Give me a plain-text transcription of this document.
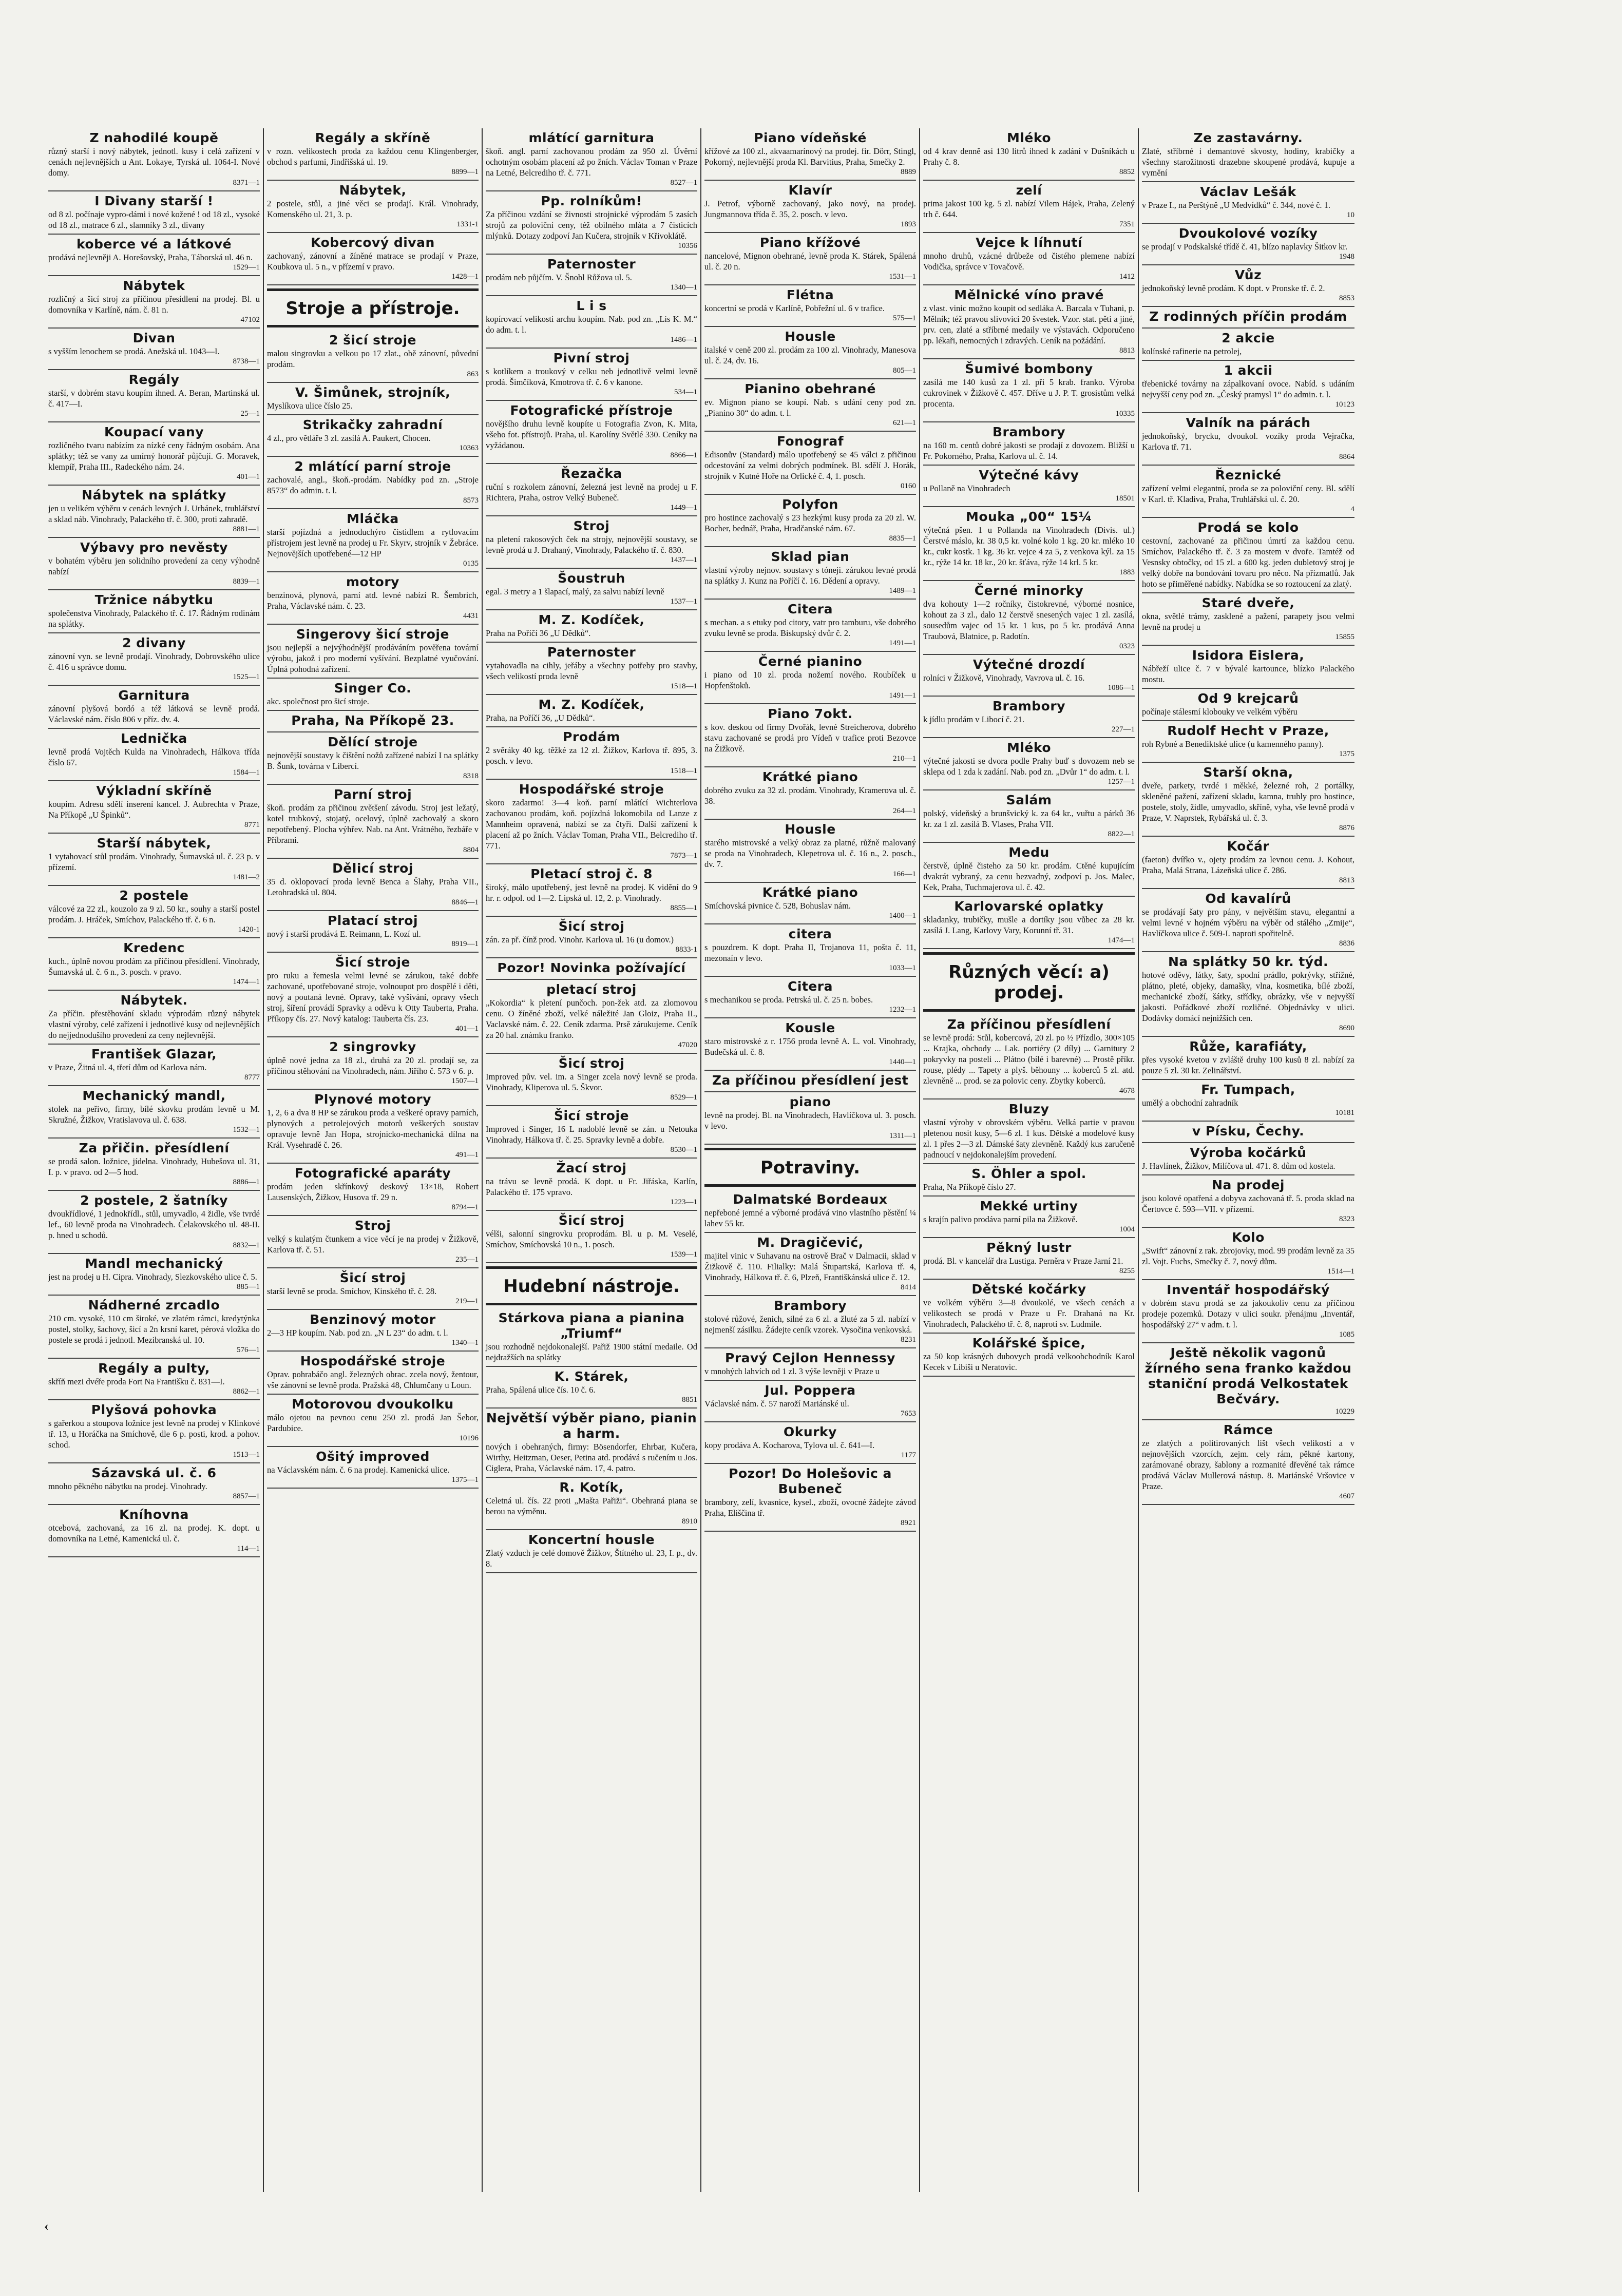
Z nahodilé koupě
různý starší i nový nábytek, jednotl. kusy i celá zařízení v cenách nejlevnějších u Ant. Lokaye, Tyrská ul. 1064-I. Nové domy.
8371—1
I Divany starší !
od 8 zl. počínaje vypro-dámi i nové kožené ! od 18 zl., vysoké od 18 zl., matrace 6 zl., slamníky 3 zl., divany
koberce vé a látkové
prodává nejlevněji A. Horešovský, Praha, Táborská ul. 46 n.
1529—1
Nábytek
rozličný a šicí stroj za příčinou přesídlení na prodej. Bl. u domovníka v Karlíně, nám. č. 81 n.
47102
Divan
s vyšším lenochem se prodá. Anežská ul. 1043—I.
8738—1
Regály
starší, v dobrém stavu koupím ihned. A. Beran, Martinská ul. č. 417—I.
25—1
Koupací vany
rozličného tvaru nabízím za nízké ceny řádným osobám. Ana splátky; též se vany za umírný honorář půjčují. G. Moravek, klempíř, Praha III., Radeckého nám. 24.
401—1
Nábytek na splátky
jen u velikém výběru v cenách levných J. Urbánek, truhlářství a sklad náb. Vinohrady, Palackého tř. č. 300, proti zahradě.
8881—1
Výbavy pro nevěsty
v bohatém výběru jen solidního provedení za ceny výhodně nabízí
8839—1
Tržnice nábytku
společenstva Vinohrady, Palackého tř. č. 17. Řádným rodinám na splátky.
2 divany
zánovní vyn. se levně prodají. Vinohrady, Dobrovského ulice č. 416 u správce domu.
1525—1
Garnitura
zánovní plyšová bordó a též látková se levně prodá. Václavské nám. číslo 806 v příz. dv. 4.
Lednička
levně prodá Vojtěch Kulda na Vinohradech, Hálkova třída číslo 67.
1584—1
Výkladní skříně
koupím. Adresu sdělí inserení kancel. J. Aubrechta v Praze, Na Příkopě „U Špinků“.
8771
Starší nábytek,
1 vytahovací stůl prodám. Vinohrady, Šumavská ul. č. 23 p. v přízemí.
1481—2
2 postele
válcové za 22 zl., kouzolo za 9 zl. 50 kr., souhy a starší postel prodám. J. Hráček, Smíchov, Palackého tř. č. 6 n.
1420-1
Kredenc
kuch., úplně novou prodám za příčinou přesídlení. Vinohrady, Šumavská ul. č. 6 n., 3. posch. v pravo.
1474—1
Nábytek.
Za příčin. přestěhování skladu výprodám různý nábytek vlastní výroby, celé zařízení i jednotlivé kusy od nejlevnějších do nejjednodušího provedení za ceny nejlevnější.
František Glazar,
v Praze, Žitná ul. 4, třetí dům od Karlova nám.
8777
Mechanický mandl,
stolek na peřivo, firmy, bílé skovku prodám levně u M. Skružné, Žižkov, Vratislavova ul. č. 638.
1532—1
Za přičin. přesídlení
se prodá salon. ložnice, jídelna. Vinohrady, Hubešova ul. 31, I. p. v pravo. od 2—5 hod.
8886—1
2 postele, 2 šatníky
dvoukřídlové, 1 jednokřídl., stůl, umyvadlo, 4 židle, vše tvrdé lef., 60 levně proda na Vinohradech. Čelakovského ul. 48-II. p. hned u schodů.
8832—1
Mandl mechanický
jest na prodej u H. Cipra. Vinohrady, Slezkovského ulice č. 5.
885—1
Nádherné zrcadlo
210 cm. vysoké, 110 cm široké, ve zlatém rámci, kredytýnka postel, stolky, šachovy, šicí a 2n krsní karet, pérová vložka do postele se prodá i jednotl. Mezibranská ul. 10.
576—1
Regály a pulty,
skříň mezi dvéře proda Fort Na Františku č. 831—I.
8862—1
Plyšová pohovka
s gařerkou a stoupova ložnice jest levně na prodej v Klinkové tř. 13, u Horáčka na Smíchově, dle 6 p. posti, krod. a pohov. schod.
1513—1
Sázavská ul. č. 6
mnoho pěkného nábytku na prodej. Vinohrady.
8857—1
Kníhovna
otcebová, zachovaná, za 16 zl. na prodej. K. dopt. u domovníka na Letné, Kamenická ul. č.
114—1
Regály a skříně
v rozn. velikostech proda za každou cenu Klingenberger, obchod s parfumi, Jindřišská ul. 19.
8899—1
Nábytek,
2 postele, stůl, a jiné věci se prodají. Král. Vinohrady, Komenského ul. 21, 3. p.
1331-1
Kobercový divan
zachovaný, zánovní a žíněné matrace se prodají v Praze, Koubkova ul. 5 n., v přízemí v pravo.
1428—1
Stroje a přístroje.
2 šicí stroje
malou singrovku a velkou po 17 zlat., obě zánovní, půvední prodám.
863
V. Šimůnek, strojník,
Myslíkova ulice číslo 25.
Strikačky zahradní
4 zl., pro větláře 3 zl. zasílá A. Paukert, Chocen.
10363
2 mlátící parní stroje
zachovalé, angl., škoň.-prodám. Nabídky pod zn. „Stroje 8573“ do admin. t. l.
8573
Mláčka
starší pojízdná a jednoduchýro čistidlem a rytlovacím přístrojem jest levně na prodej u Fr. Skyrv, strojník v Žebráce. Nejnovějších upotřebené—12 HP
0135
motory
benzinová, plynová, parní atd. levné nabízí R. Šembrich, Praha, Václavské nám. č. 23.
4431
Singerovy šicí stroje
jsou nejlepší a nejvýhodnější prodáváním pověřena tovární výrobu, jakož i pro moderní vyšívání. Bezplatné vyučování. Úplná pohodná zařízení.
Singer Co.
akc. společnost pro šicí stroje.
Praha, Na Příkopě 23.
Dělící stroje
nejnovější soustavy k čištění nožů zařízené nabízí I na splátky B. Šunk, továrna v Libercí.
8318
Parní stroj
škoň. prodám za přičinou zvětšení závodu. Stroj jest ležatý, kotel trubkový, stojatý, ocelový, úplně zachovalý a skoro nepotřebený. Plocha výhřev. Nab. na Ant. Vrátného, řezbáře v Příbrami.
8804
Dělicí stroj
35 d. oklopovací proda levně Benca a Šlahy, Praha VII., Letohradská ul. 804.
8846—1
Platací stroj
nový i starší prodává E. Reimann, L. Kozí ul.
8919—1
Šicí stroje
pro ruku a řemesla velmi levné se zárukou, také dobře zachované, upotřebované stroje, volnoupot pro dospělé i děti, nový a poutaná levné. Opravy, také vyšívání, opravy všech stroj, šíření provádí Spravky a oděvu k Otty Tauberta, Praha. Příkopy čís. 27. Nový katalog: Tauberta čís. 23.
401—1
2 singrovky
úplně nové jedna za 18 zl., druhá za 20 zl. prodají se, za příčinou stěhování na Vinohradech, nám. Jiřího č. 573 v 6. p.
1507—1
Plynové motory
1, 2, 6 a dva 8 HP se zárukou proda a veškeré opravy parních, plynových a petrolejových motorů veškerých soustav opravuje levně Jan Hopa, strojnicko-mechanická dílna na Král. Vysehradě č. 26.
491—1
Fotografické aparáty
prodám jeden skřínkový deskový 13×18, Robert Lausenských, Žižkov, Husova tř. 29 n.
8794—1
Stroj
velký s kulatým čtunkem a vice věcí je na prodej v Žižkově, Karlova tř. č. 51.
235—1
Šicí stroj
starší levně se proda. Smíchov, Kinského tř. č. 28.
219—1
Benzinový motor
2—3 HP koupím. Nab. pod zn. „N L 23“ do adm. t. l.
1340—1
Hospodářské stroje
Oprav. pohrabáčo angl. železných obrac. zcela nový, žentour, vše zánovní se levně proda. Pražská 48, Chlumčany u Loun.
Motorovou dvoukolku
málo ojetou na pevnou cenu 250 zl. prodá Jan Šebor, Pardubice.
10196
Ošitý improved
na Václavském nám. č. 6 na prodej. Kamenická ulice.
1375—1
mlátící garnitura
škoň. angl. parní zachovanou prodám za 950 zl. Úvěrní ochotným osobám placení až po žních. Václav Toman v Praze na Letné, Belcrediho tř. č. 771.
8527—1
Pp. rolníkům!
Za příčinou vzdání se živnosti strojnické výprodám 5 zasích strojů za poloviční ceny, též obilného mláta a 7 čisticích mlýnků. Dotazy zodpoví Jan Kučera, strojník v Křivoklátě.
10356
Paternoster
prodám neb půjčím. V. Šnobl Růžova ul. 5.
1340—1
L i s
kopírovací velikosti archu koupím. Nab. pod zn. „Lis K. M.“ do adm. t. l.
1486—1
Pivní stroj
s kotlíkem a troukový v celku neb jednotlivě velmi levně prodá. Šimčíková, Kmotrova tř. č. 6 v kanone.
534—1
Fotografické přístroje
novějšího druhu levně koupíte u Fotografia Zvon, K. Mita, všeho fot. přístrojů. Praha, ul. Karolíny Světlé 330. Ceníky na vyžádanou.
8866—1
Řezačka
ruční s rozkolem zánovní, železná jest levně na prodej u F. Richtera, Praha, ostrov Velký Bubeneč.
1449—1
Stroj
na pletení rakosových ček na strojy, nejnovější soustavy, se levně prodá u J. Drahaný, Vinohrady, Palackého tř. č. 830.
1437—1
Šoustruh
egal. 3 metry a 1 šlapací, malý, za salvu nabízí levně
1537—1
M. Z. Kodíček,
Praha na Poříčí 36 „U Dědků“.
Paternoster
vytahovadla na cihly, jeřáby a všechny potřeby pro stavby, všech velikostí proda levně
1518—1
M. Z. Kodíček,
Praha, na Poříčí 36, „U Dědků“.
Prodám
2 svěráky 40 kg. těžké za 12 zl. Žižkov, Karlova tř. 895, 3. posch. v levo.
1518—1
Hospodářské stroje
skoro zadarmo! 3—4 koň. parní mlátící Wichterlova zachovanou prodám, koň. pojízdná lokomobila od Lanze z Mannheim opravená, nabízí se za čtyři. Další zařízení k placení až po žních. Václav Toman, Praha VII., Belcrediho tř. 771.
7873—1
Pletací stroj č. 8
široký, málo upotřebený, jest levně na prodej. K vidění do 9 hr. r. odpol. od 1—2. Lipská ul. 12, 2. p. Vinohrady.
8855—1
Šicí stroj
zán. za př. čínž prod. Vinohr. Karlova ul. 16 (u domov.)
8833-1
Pozor! Novinka požívající
pletací stroj
„Kokordia“ k pletení punčoch. pon-žek atd. za zlomovou cenu. O žíněné zboží, velké náležité Jan Gloiz, Praha II., Vaclavské nám. č. 22. Ceník zdarma. Prsě zárukujeme. Ceník za 20 hal. známku franko.
47020
Šicí stroj
Improved pův. vel. im. a Singer zcela nový levně se proda. Vinohrady, Kliperova ul. 5. Škvor.
8529—1
Šicí stroje
Improved i Singer, 16 L nadoblé levně se zán. u Netouka Vinohrady, Hálkova tř. č. 25. Spravky levně a dobře.
8530—1
Žací stroj
na trávu se levně prodá. K dopt. u Fr. Jiřáska, Karlín, Palackého tř. 175 vpravo.
1223—1
Šicí stroj
vélši, salonní singrovku proprodám. Bl. u p. M. Veselé, Smíchov, Smíchovská 10 n., 1. posch.
1539—1
Hudební nástroje.
Stárkova piana a pianina „Triumf“
jsou rozhodně nejdokonalejší. Pařiž 1900 státní medaile. Od nejdražších na splátky
K. Stárek,
Praha, Spálená ulice čís. 10 č. 6.
8851
Největší výběr piano, pianin a harm.
nových i obehraných, firmy: Bösendorfer, Ehrbar, Kučera, Wirthy, Heitzman, Oeser, Petina atd. prodává s ručením u Jos. Ciglera, Praha, Václavské nám. 17, 4. patro.
R. Kotík,
Celetná ul. čís. 22 proti „Mašta Pařiži“. Obehraná piana se berou na výměnu.
8910
Koncertní housle
Zlatý vzduch je celé domově Žižkov, Štítného ul. 23, I. p., dv. 8.
Piano vídeňské
křížové za 100 zl., akvaamarínový na prodej. fir. Dörr, Stingl, Pokorný, nejlevnější proda Kl. Barvitius, Praha, Smečky 2.
8889
Klavír
J. Petrof, výborně zachovaný, jako nový, na prodej. Jungmannova třída č. 35, 2. posch. v levo.
1893
Piano křížové
nancelové, Mignon obehrané, levně proda K. Stárek, Spálená ul. č. 20 n.
1531—1
Flétna
koncertní se prodá v Karlíně, Pobřežní ul. 6 v trafice.
575—1
Housle
italské v ceně 200 zl. prodám za 100 zl. Vinohrady, Manesova ul. č. 24, dv. 16.
805—1
Pianino obehrané
ev. Mignon piano se koupí. Nab. s udání ceny pod zn. „Pianino 30“ do adm. t. l.
621—1
Fonograf
Edisonův (Standard) málo upotřebený se 45 válci z přičinou odcestování za velmi dobrých podmínek. Bl. sdělí J. Horák, strojník v Kutné Hoře na Orlické č. 4, 1. posch.
0160
Polyfon
pro hostince zachovalý s 23 hezkými kusy proda za 20 zl. W. Bocher, bednář, Praha, Hradčanské nám. 67.
8835—1
Sklad pian
vlastní výroby nejnov. soustavy s tóneji. zárukou levné prodá na splátky J. Kunz na Poříčí č. 16. Dědení a opravy.
1489—1
Citera
s mechan. a s etuky pod citory, vatr pro tamburu, vše dobrého zvuku levně se proda. Biskupský dvůr č. 2.
1491—1
Černé pianino
i piano od 10 zl. proda nožemí nového. Roubíček u Hopfenštoků.
1491—1
Piano 7okt.
s kov. deskou od firmy Dvořák, levné Streicherova, dobrého stavu zachované se prodá pro Vídeň v trafice proti Bezovce na Žižkově.
210—1
Krátké piano
dobrého zvuku za 32 zl. prodám. Vinohrady, Kramerova ul. č. 38.
264—1
Housle
starého mistrovské a velký obraz za platné, růžně malovaný se proda na Vinohradech, Klepetrova ul. č. 16 n., 2. posch., dv. 7.
166—1
Krátké piano
Smíchovská pivnice č. 528, Bohuslav nám.
1400—1
citera
s pouzdrem. K dopt. Praha II, Trojanova 11, pošta č. 11, mezonaín v levo.
1033—1
Citera
s mechanikou se proda. Petrská ul. č. 25 n. bobes.
1232—1
Kousle
staro mistrovské z r. 1756 proda levně A. L. vol. Vinohrady, Budečská ul. č. 8.
1440—1
Za příčinou přesídlení jest
piano
levně na prodej. Bl. na Vinohradech, Havlíčkova ul. 3. posch. v levo.
1311—1
Potraviny.
Dalmatské Bordeaux
nepřeboné jemné a výborné prodává vino vlastního pěstění ¼ lahev 55 kr.
M. Dragičević,
majitel vinic v Suhavanu na ostrově Brač v Dalmacii, sklad v Žižkově č. 110. Filialky: Malá Štupartská, Karlova tř. 4, Vinohrady, Hálkova tř. č. 6, Plzeň, Františkánská ulice č. 12.
8414
Brambory
stolové růžové, ženich, silné za 6 zl. a žluté za 5 zl. nabízí v nejmenší zásilku. Žádejte ceník vzorek. Vysočina venkovská.
8231
Pravý Cejlon Hennessy
v mnohých lahvích od 1 zl. 3 výše levněji v Praze u
Jul. Poppera
Václavské nám. č. 57 naroží Mariánské ul.
7653
Okurky
kopy prodáva A. Kocharova, Tylova ul. č. 641—I.
1177
Pozor! Do Holešovic a Bubeneč
brambory, zelí, kvasnice, kysel., zboží, ovocné žádejte závod Praha, Eliščina tř.
8921
Mléko
od 4 krav denně asi 130 litrů ihned k zadání v Dušníkách u Prahy č. 8.
8852
zelí
prima jakost 100 kg. 5 zl. nabízí Vilem Hájek, Praha, Zelený trh č. 644.
7351
Vejce k líhnutí
mnoho druhů, vzácné drůbeže od čistého plemene nabízí Vodička, správce v Tovačově.
1412
Mělnické víno pravé
z vlast. vinic možno koupit od sedláka A. Barcala v Tuhani, p. Mělník; též pravou slivovici 20 švestek. Vzor. stat. pěti a jiné, prv. cen, zlaté a stříbrné medaily ve výstavách. Odporučeno pp. lékaři, nemocných i zdravých. Ceník na požádání.
8813
Šumivé bombony
zasílá me 140 kusů za 1 zl. při 5 krab. franko. Výroba cukrovinek v Žižkově č. 457. Dříve u J. P. T. grosistům velká procenta.
10335
Brambory
na 160 m. centů dobré jakosti se prodají z dovozem. Bližší u Fr. Pokorného, Praha, Karlova ul. č. 14.
Výtečné kávy
u Pollaně na Vinohradech
18501
Mouka „00“ 15¼
výtečná pšen. 1 u Pollanda na Vinohradech (Divis. ul.) Čerstvé máslo, kr. 38 0,5 kr. volné kolo 1 kg. 20 kr. mléko 10 kr., cukr kostk. 1 kg. 36 kr. vejce 4 za 5, z venkova kýl. za 15 kr., rýže 14 kr. 18 kr., 20 kr. šťáva, rýže 14 krl. 5 kr.
1883
Černé minorky
dva kohouty 1—2 ročníky, čistokrevné, výborné nosnice, kohout za 3 zl., dalo 12 čerstvě snesených vajec 1 zl. zasílá, sousedům vajec od 15 kr. 1 kus, po 5 kr. prodává Anna Traubová, Blatnice, p. Radotín.
0323
Výtečné drozdí
rolníci v Žižkově, Vinohrady, Vavrova ul. č. 16.
1086—1
Brambory
k jídlu prodám v Libocí č. 21.
227—1
Mléko
výtečné jakosti se dvora podle Prahy buď s dovozem neb se sklepa od 1 zda k zadání. Nab. pod zn. „Dvůr 1“ do adm. t. l.
1257—1
Salám
polský, vídeňský a brunšvický k. za 64 kr., vuřtu a párků 36 kr. za 1 zl. zasílá B. Vlases, Praha VII.
8822—1
Medu
čerstvě, úplně čisteho za 50 kr. prodám. Ctěné kupujícím dvakrát vybraný, za cenu bezvadný, zodpoví p. Jos. Malec, Kek, Praha, Tuchmajerova ul. č. 42.
Karlovarské oplatky
skladanky, trubičky, mušle a dortíky jsou vůbec za 28 kr. zasílá J. Lang, Karlovy Vary, Korunní tř. 31.
1474—1
Různých věcí: a) prodej.
Za příčinou přesídlení
se levně prodá: Stůl, kobercová, 20 zl. po ½ Přízdlo, 300×105 ... Krajka, obchody ... Lak. portiéry (2 díly) ... Garnitury 2 pokryvky na posteli ... Plátno (bílé i barevné) ... Prostě příkr. rouse, plédy ... Tapety a plyš. běhouny ... koberců 5 zl. atd. zlevněně ... prod. se za polovic ceny. Zbytky koberců.
4678
Bluzy
vlastní výroby v obrovském výběru. Velká partie v pravou pletenou nosit kusy, 5—6 zl. 1 kus. Dětské a modelové kusy zl. 1 přes 2—3 zl. Dámské šaty zlevněně. Každý kus zaručeně padnoucí v nejdokonalejším provedení.
S. Öhler a spol.
Praha, Na Příkopě číslo 27.
Mekké urtiny
s krajín palivo prodáva parní pila na Žižkově.
1004
Pěkný lustr
prodá. Bl. v kancelář dra Lustiga. Perněra v Praze Jarní 21.
8255
Dětské kočárky
ve volkém výběru 3—8 dvoukolé, ve všech cenách a velikostech se prodá v Praze u Fr. Drahaná na Kr. Vinohradech, Palackého tř. č. 8, naproti sv. Ludmile.
Kolářské špice,
za 50 kop krásných dubovych prodá velkoobchodník Karol Kecek v Libiši u Neratovic.
Ze zastavárny.
Zlaté, stříbrné i demantové skvosty, hodiny, krabičky a všechny starožitnosti drazebne skoupené prodává, kupuje a vymění
Václav Lešák
v Praze I., na Perštýně „U Medvídků“ č. 344, nové č. 1.
10
Dvoukolové vozíky
se prodají v Podskalské třídě č. 41, blízo naplavky Šitkov kr.
1948
Vůz
jednokoňský levně prodám. K dopt. v Pronske tř. č. 2.
8853
Z rodinných příčin prodám
2 akcie
kolínské rafinerie na petrolej,
1 akcii
třebenické továrny na zápalkovaní ovoce. Nabíd. s udáním nejvyšší ceny pod zn. „Český pramysl 1“ do admin. t. l.
10123
Valník na párách
jednokoňský, brycku, dvoukol. vozíky proda Vejračka, Karlova tř. 71.
8864
Řeznické
zařízení velmi elegantní, proda se za poloviční ceny. Bl. sdělí v Karl. tř. Kladiva, Praha, Truhlářská ul. č. 20.
4
Prodá se kolo
cestovní, zachované za přičinou úmrtí za každou cenu. Smíchov, Palackého tř. č. 3 za mostem v dvoře. Tamtéž od Vesnsky obtočky, od 15 zl. a 600 kg. jeden dubletový stroj je velký dobře na bondování tovaru pro něco. Na přízmatlů. Jak hoto se přiměřené nabídky. Nabídka se so roztoucení za zlatý.
Staré dveře,
okna, světlé trámy, zasklené a pažení, parapety jsou velmi levně na prodej u
15855
Isidora Eislera,
Nábřeží ulice č. 7 v bývalé kartounce, blízko Palackého mostu.
Od 9 krejcarů
počínaje stálesmí klobouky ve velkém výběru
Rudolf Hecht v Praze,
roh Rybné a Benediktské ulice (u kamenného panny).
1375
Starší okna,
dveře, parkety, tvrdé i měkké, železné roh, 2 portálky, skleněné pažení, zařízení skladu, kamna, truhly pro hostince, postele, stoly, židle, umyvadlo, skříně, vyha, vše levně prodá v Praze, V. Naprstek, Rybářská ul. č. 3.
8876
Kočár
(faeton) dvířko v., ojety prodám za levnou cenu. J. Kohout, Praha, Malá Strana, Lázeňská ulice č. 286.
8813
Od kavalírů
se prodávají šaty pro pány, v největším stavu, elegantní a velmi levné v hojném výběru na výběr od stálého „Zmije“, Havlíčkova ulice č. 509-I. naproti spořitelně.
8836
Na splátky 50 kr. týd.
hotové oděvy, látky, šaty, spodní prádlo, pokrývky, střížné, plátno, pleté, objeky, damašky, vlna, kosmetika, bílé zboží, mechanické zboží, šátky, střídky, obrázky, vše v nejvyšší jakosti. Pořádkové zboží rozličné. Objednávky v ulici. Dodávky domácí nejnižších cen.
8690
Růže, karafiáty,
přes vysoké kvetou v zvláště druhy 100 kusů 8 zl. nabízí za pouze 5 zl. 30 kr. Zelinářství.
Fr. Tumpach,
umělý a obchodní zahradník
10181
v Písku, Čechy.
Výroba kočárků
J. Havlínek, Žižkov, Milíčova ul. 471. 8. dům od kostela.
Na prodej
jsou kolové opatřená a dobyva zachovaná tř. 5. proda sklad na Čertovce č. 593—VII. v přízemí.
8323
Kolo
„Swift“ zánovní z rak. zbrojovky, mod. 99 prodám levně za 35 zl. Vojt. Fuchs, Smečky č. 7, nový dům.
1514—1
Inventář hospodářský
v dobrém stavu prodá se za jakoukoliv cenu za příčinou prodeje pozemků. Dotazy v ulici soukr. přenájmu „Inventář, hospodářský 27“ v adm. t. l.
1085
Ještě několik vagonů žírného sena franko každou staniční prodá Velkostatek Bečváry.
10229
Rámce
ze zlatých a politirovaných lišt všech velikostí a v nejnovějších vzorcích, zejm. cely rám, pěkné kartony, zarámované obrazy, šablony a rozmanité dřevěné tak rámce prodává Václav Mullerová nástup. 8. Mariánské Vršovice v Praze.
4607
‹
